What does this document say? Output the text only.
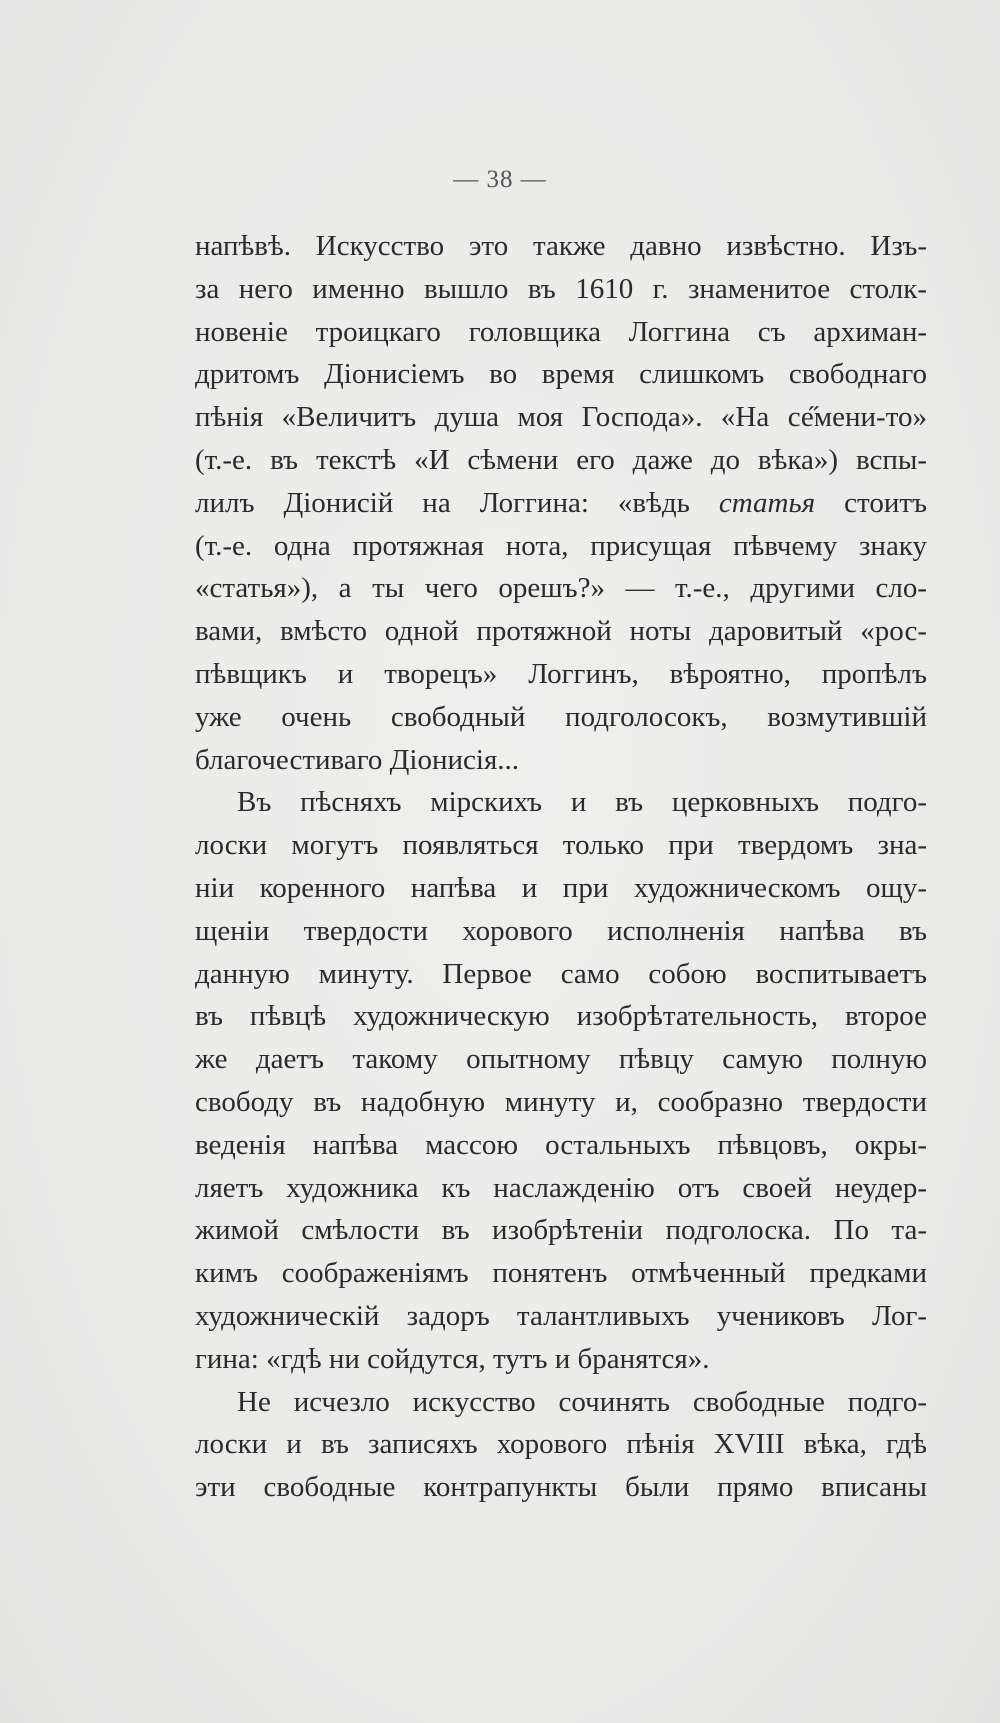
— 38 —
напѣвѣ. Искусство это также давно извѣстно. Изъ-
за него именно вышло въ 1610 г. знаменитое столк-
новеніе троицкаго головщика Логгина съ архиман-
дритомъ Діонисіемъ во время слишкомъ свободнаго
пѣнія «Величитъ душа моя Господа». «На се̋мени-то»
(т.-е. въ текстѣ «И сѣмени его даже до вѣка») вспы-
лилъ Діонисій на Логгина: «вѣдь статья стоитъ
(т.-е. одна протяжная нота, присущая пѣвчему знаку
«статья»), а ты чего орешъ?» — т.-е., другими сло-
вами, вмѣсто одной протяжной ноты даровитый «рос-
пѣвщикъ и творецъ» Логгинъ, вѣроятно, пропѣлъ
уже очень свободный подголосокъ, возмутившій
благочестиваго Діонисія...
Въ пѣсняхъ мірскихъ и въ церковныхъ подго-
лоски могутъ появляться только при твердомъ зна-
ніи коренного напѣва и при художническомъ ощу-
щеніи твердости хорового исполненія напѣва въ
данную минуту. Первое само собою воспитываетъ
въ пѣвцѣ художническую изобрѣтательность, второе
же даетъ такому опытному пѣвцу самую полную
свободу въ надобную минуту и, сообразно твердости
веденія напѣва массою остальныхъ пѣвцовъ, окры-
ляетъ художника къ наслажденію отъ своей неудер-
жимой смѣлости въ изобрѣтеніи подголоска. По та-
кимъ соображеніямъ понятенъ отмѣченный предками
художническій задоръ талантливыхъ учениковъ Лог-
гина: «гдѣ ни сойдутся, тутъ и бранятся».
Не исчезло искусство сочинять свободные подго-
лоски и въ записяхъ хорового пѣнія XVIII вѣка, гдѣ
эти свободные контрапункты были прямо вписаны
